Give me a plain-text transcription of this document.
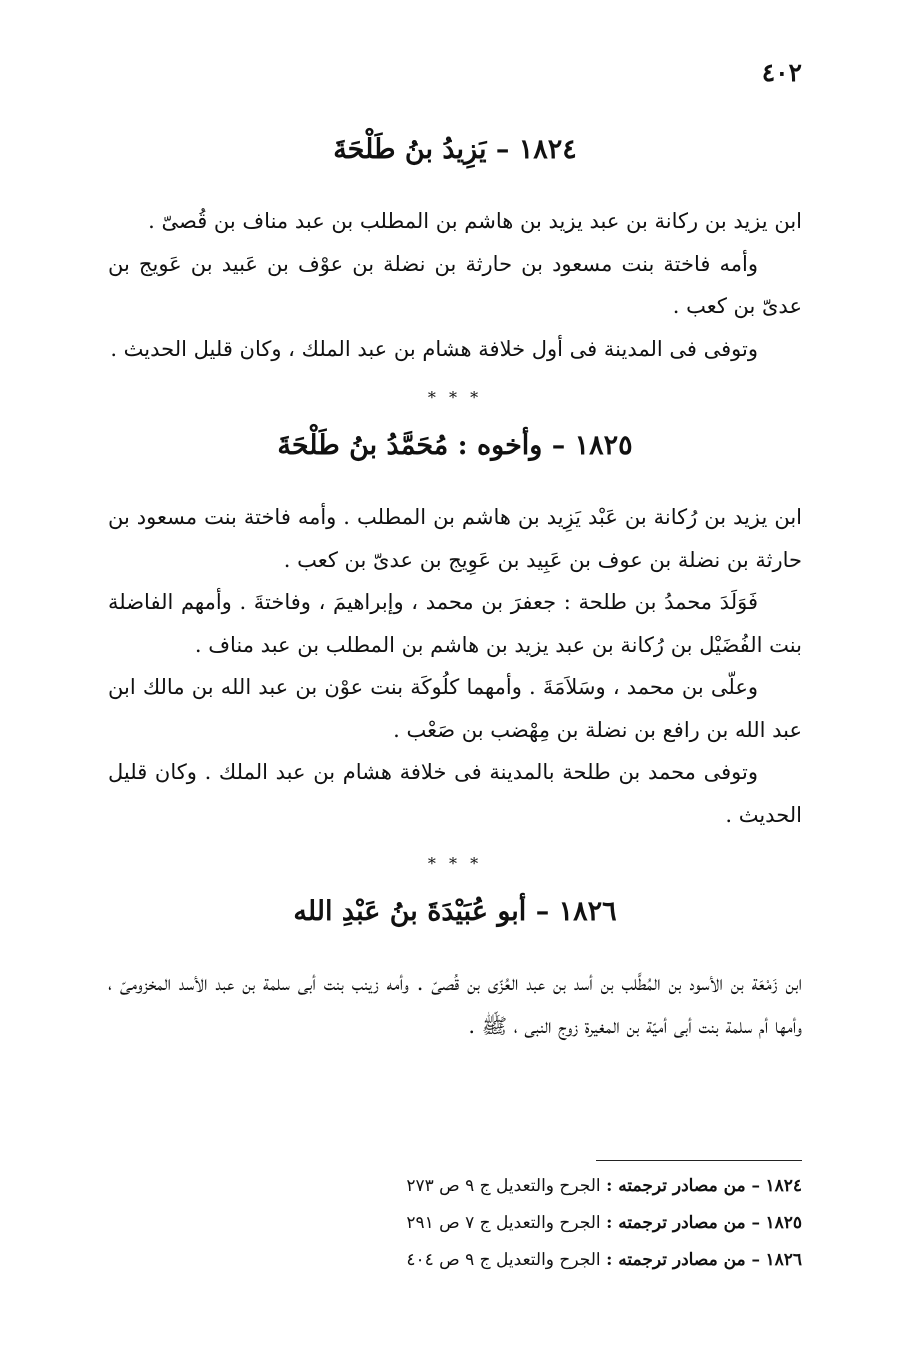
٤٠٢
١٨٢٤ – يَزِيدُ بنُ طَلْحَةَ

ابن يزيد بن ركانة بن عبد يزيد بن هاشم بن المطلب بن عبد مناف بن قُصىّ .

وأمه فاختة بنت مسعود بن حارثة بن نضلة بن عوْف بن عَبيد بن عَويج بن عدىّ بن كعب .

وتوفى فى المدينة فى أول خلافة هشام بن عبد الملك ، وكان قليل الحديث .

* * *
١٨٢٥ – وأخوه : مُحَمَّدُ بنُ طَلْحَةَ

ابن يزيد بن رُكانة بن عَبْد يَزِيد بن هاشم بن المطلب . وأمه فاختة بنت مسعود بن حارثة بن نضلة بن عوف بن عَبِيد بن عَوِيج بن عدىّ بن كعب .

فَوَلَدَ محمدُ بن طلحة : جعفرَ بن محمد ، وإبراهيمَ ، وفاختةَ . وأمهم الفاضلة بنت الفُضَيْل بن رُكانة بن عبد يزيد بن هاشم بن المطلب بن عبد مناف .

وعلّى بن محمد ، وسَلاَمَةَ . وأمهما كلُوكَة بنت عوْن بن عبد الله بن مالك ابن عبد الله بن رافع بن نضلة بن مِهْضب بن صَعْب .

وتوفى محمد بن طلحة بالمدينة فى خلافة هشام بن عبد الملك . وكان قليل الحديث .

* * *
١٨٢٦ – أبو عُبَيْدَةَ بنُ عَبْدِ الله

ابن زَمْعَة بن الأسود بن المُطَّلب بن أسد بن عبد العُزّى بن قُصىّ . وأمه زينب بنت أبى سلمة بن عبد الأسد المخزومىّ ، وأمها أم سلمة بنت أبى أميّة بن المغيرة زوج النبى ، ﷺ .

١٨٢٤ – من مصادر ترجمته : الجرح والتعديل ج ٩ ص ٢٧٣
١٨٢٥ – من مصادر ترجمته : الجرح والتعديل ج ٧ ص ٢٩١
١٨٢٦ – من مصادر ترجمته : الجرح والتعديل ج ٩ ص ٤٠٤
